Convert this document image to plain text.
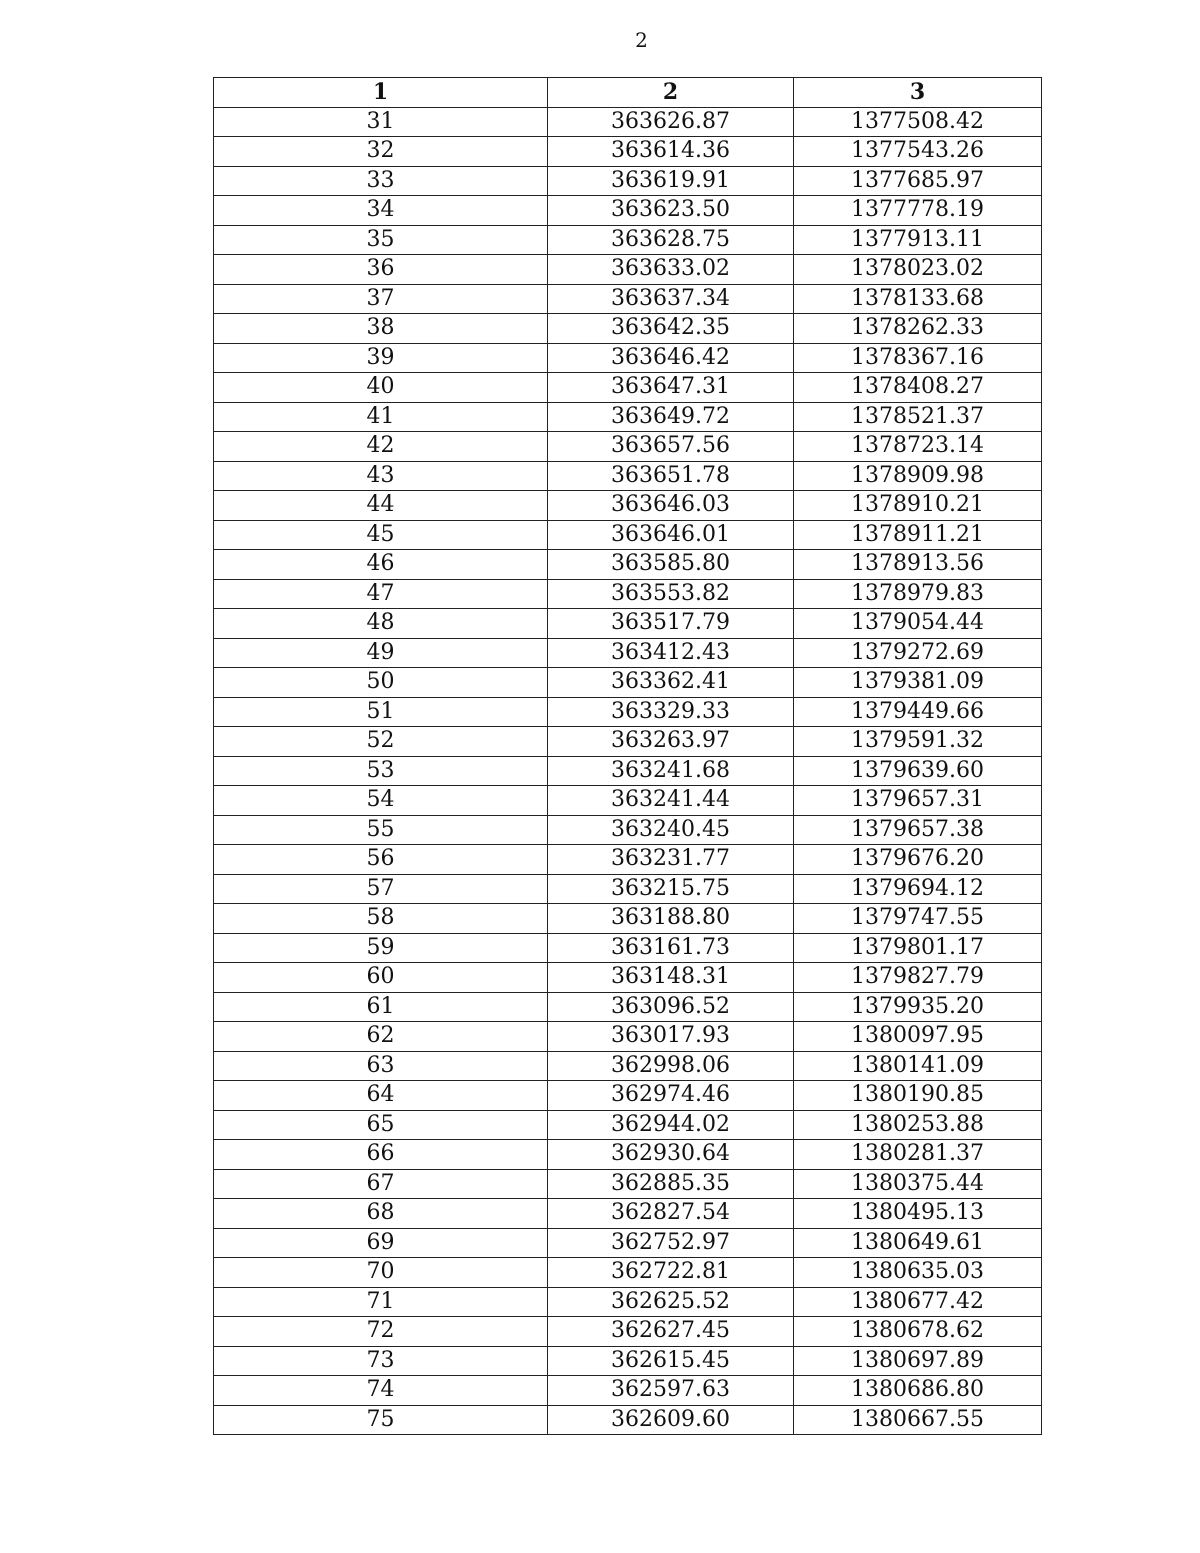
2
1	2	3
31	363626.87	1377508.42
32	363614.36	1377543.26
33	363619.91	1377685.97
34	363623.50	1377778.19
35	363628.75	1377913.11
36	363633.02	1378023.02
37	363637.34	1378133.68
38	363642.35	1378262.33
39	363646.42	1378367.16
40	363647.31	1378408.27
41	363649.72	1378521.37
42	363657.56	1378723.14
43	363651.78	1378909.98
44	363646.03	1378910.21
45	363646.01	1378911.21
46	363585.80	1378913.56
47	363553.82	1378979.83
48	363517.79	1379054.44
49	363412.43	1379272.69
50	363362.41	1379381.09
51	363329.33	1379449.66
52	363263.97	1379591.32
53	363241.68	1379639.60
54	363241.44	1379657.31
55	363240.45	1379657.38
56	363231.77	1379676.20
57	363215.75	1379694.12
58	363188.80	1379747.55
59	363161.73	1379801.17
60	363148.31	1379827.79
61	363096.52	1379935.20
62	363017.93	1380097.95
63	362998.06	1380141.09
64	362974.46	1380190.85
65	362944.02	1380253.88
66	362930.64	1380281.37
67	362885.35	1380375.44
68	362827.54	1380495.13
69	362752.97	1380649.61
70	362722.81	1380635.03
71	362625.52	1380677.42
72	362627.45	1380678.62
73	362615.45	1380697.89
74	362597.63	1380686.80
75	362609.60	1380667.55
